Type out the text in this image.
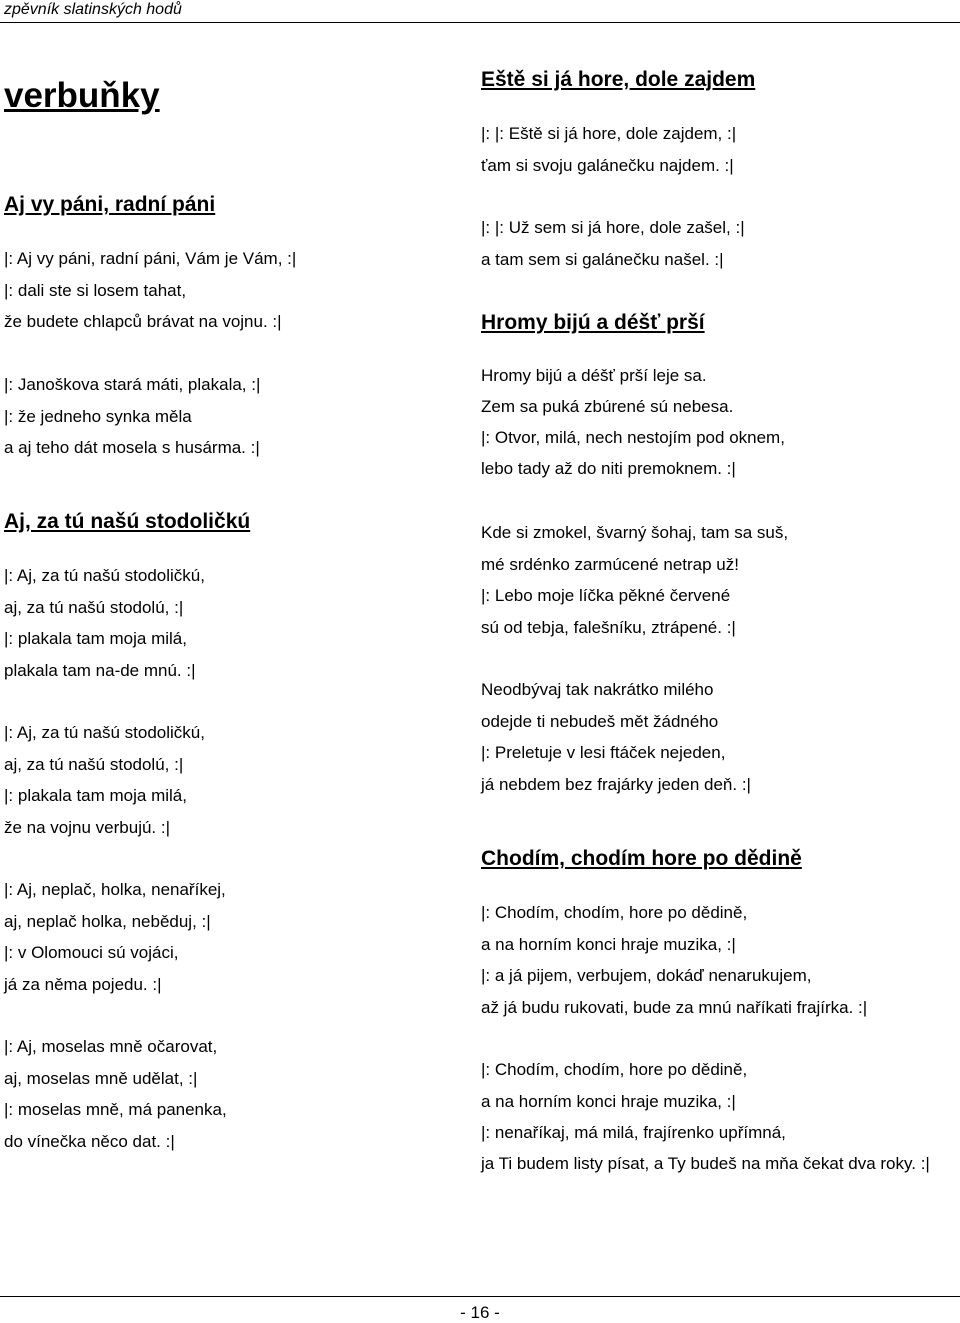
zpěvník slatinských hodů
verbuňky
Aj vy páni, radní páni
|: Aj vy páni, radní páni, Vám je Vám, :|
|: dali ste si losem tahat,
že budete chlapců brávat na vojnu. :|
|: Janoškova stará máti, plakala, :|
|: že jedneho synka měla
a aj teho dát mosela s husárma. :|
Aj, za tú našú stodoličkú
|: Aj, za tú našú stodoličkú,
aj, za tú našú stodolú, :|
|: plakala tam moja milá,
plakala tam na-de mnú. :|
|: Aj, za tú našú stodoličkú,
aj, za tú našú stodolú, :|
|: plakala tam moja milá,
že na vojnu verbujú. :|
|: Aj, neplač, holka, nenaříkej,
aj, neplač holka, neběduj, :|
|: v Olomouci sú vojáci,
já za něma pojedu. :|
|: Aj, moselas mně očarovat,
aj, moselas mně udělat, :|
|: moselas mně, má panenka,
do vínečka něco dat. :|
Eště si já hore, dole zajdem
|: |: Eště si já hore, dole zajdem, :|
ťam si svoju galánečku najdem. :|
|: |: Už sem si já hore, dole zašel, :|
a tam sem si galánečku našel. :|
Hromy bijú a déšť prší
Hromy bijú a déšť prší leje sa.
Zem sa puká zbúrené sú nebesa.
|: Otvor, milá, nech nestojím pod oknem,
lebo tady až do niti premoknem. :|
Kde si zmokel, švarný šohaj, tam sa suš,
mé srdénko zarmúcené netrap už!
|: Lebo moje líčka pěkné červené
sú od tebja, falešníku, ztrápené. :|
Neodbývaj tak nakrátko milého
odejde ti nebudeš mět žádného
|: Preletuje v lesi ftáček nejeden,
já nebdem bez frajárky jeden deň. :|
Chodím, chodím hore po dědině
|: Chodím, chodím, hore po dědině,
a na horním konci hraje muzika, :|
|: a já pijem, verbujem, dokáď nenarukujem,
až já budu rukovati, bude za mnú naříkati frajírka. :|
|: Chodím, chodím, hore po dědině,
a na horním konci hraje muzika, :|
|: nenaříkaj, má milá, frajírenko upřímná,
ja Ti budem listy písat, a Ty budeš na mňa čekat dva roky. :|
- 16 -
